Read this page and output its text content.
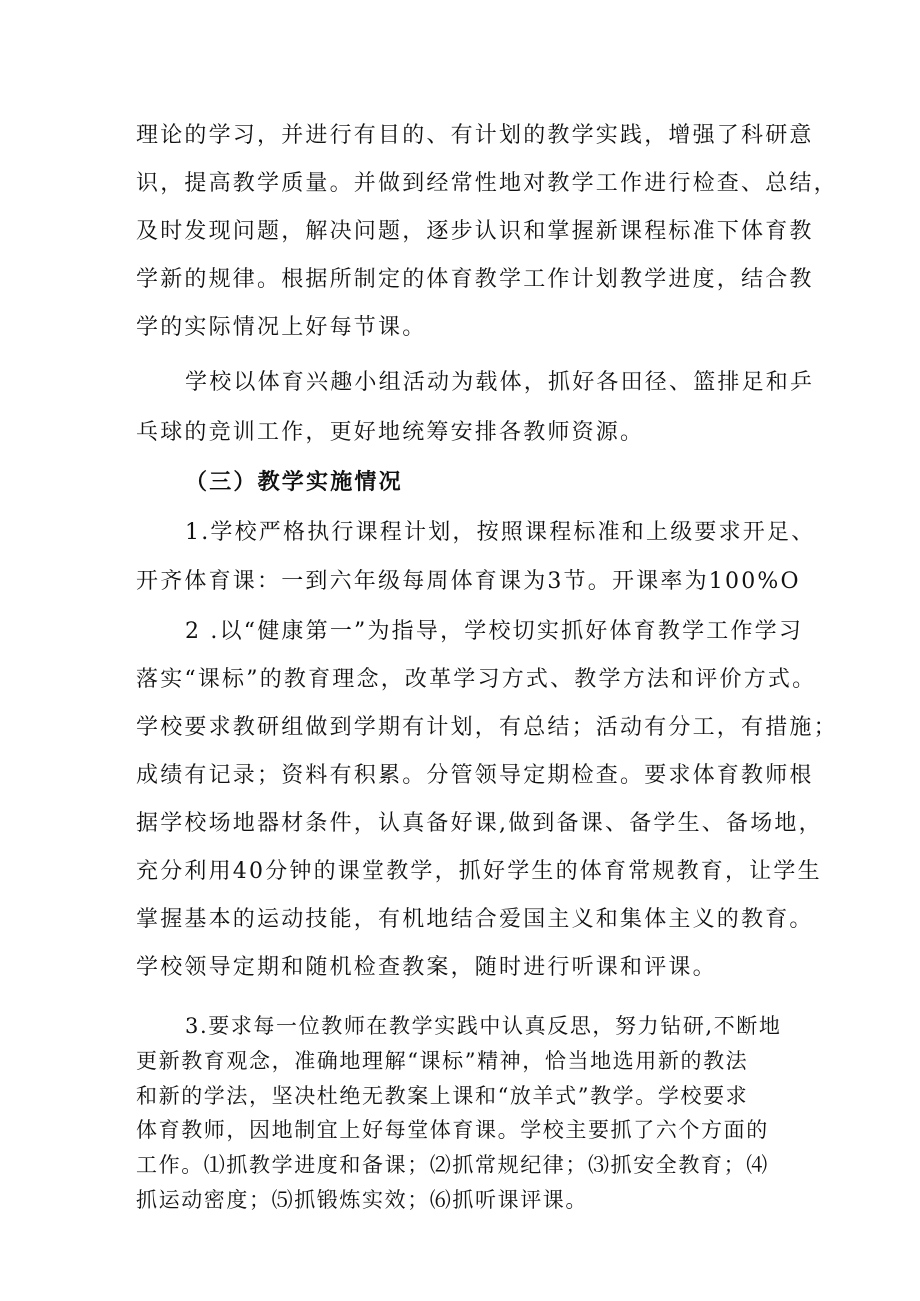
理论的学习，并进行有目的、有计划的教学实践，增强了科研意
识，提高教学质量。并做到经常性地对教学工作进行检查、总结，
及时发现问题，解决问题，逐步认识和掌握新课程标准下体育教
学新的规律。根据所制定的体育教学工作计划教学进度，结合教
学的实际情况上好每节课。
学校以体育兴趣小组活动为载体，抓好各田径、篮排足和乒
乓球的竞训工作，更好地统筹安排各教师资源。
（三）教学实施情况
1.学校严格执行课程计划，按照课程标准和上级要求开足、
开齐体育课：一到六年级每周体育课为3节。开课率为100%O
2 .以“健康第一”为指导，学校切实抓好体育教学工作学习
落实“课标”的教育理念，改革学习方式、教学方法和评价方式。
学校要求教研组做到学期有计划，有总结；活动有分工，有措施；
成绩有记录；资料有积累。分管领导定期检查。要求体育教师根
据学校场地器材条件，认真备好课,做到备课、备学生、备场地，
充分利用40分钟的课堂教学，抓好学生的体育常规教育，让学生
掌握基本的运动技能，有机地结合爱国主义和集体主义的教育。
学校领导定期和随机检查教案，随时进行听课和评课。
3.要求每一位教师在教学实践中认真反思，努力钻研,不断地
更新教育观念，准确地理解“课标”精神，恰当地选用新的教法
和新的学法，坚决杜绝无教案上课和“放羊式”教学。学校要求
体育教师，因地制宜上好每堂体育课。学校主要抓了六个方面的
工作。⑴抓教学进度和备课；⑵抓常规纪律；⑶抓安全教育；⑷
抓运动密度；⑸抓锻炼实效；⑹抓听课评课。
